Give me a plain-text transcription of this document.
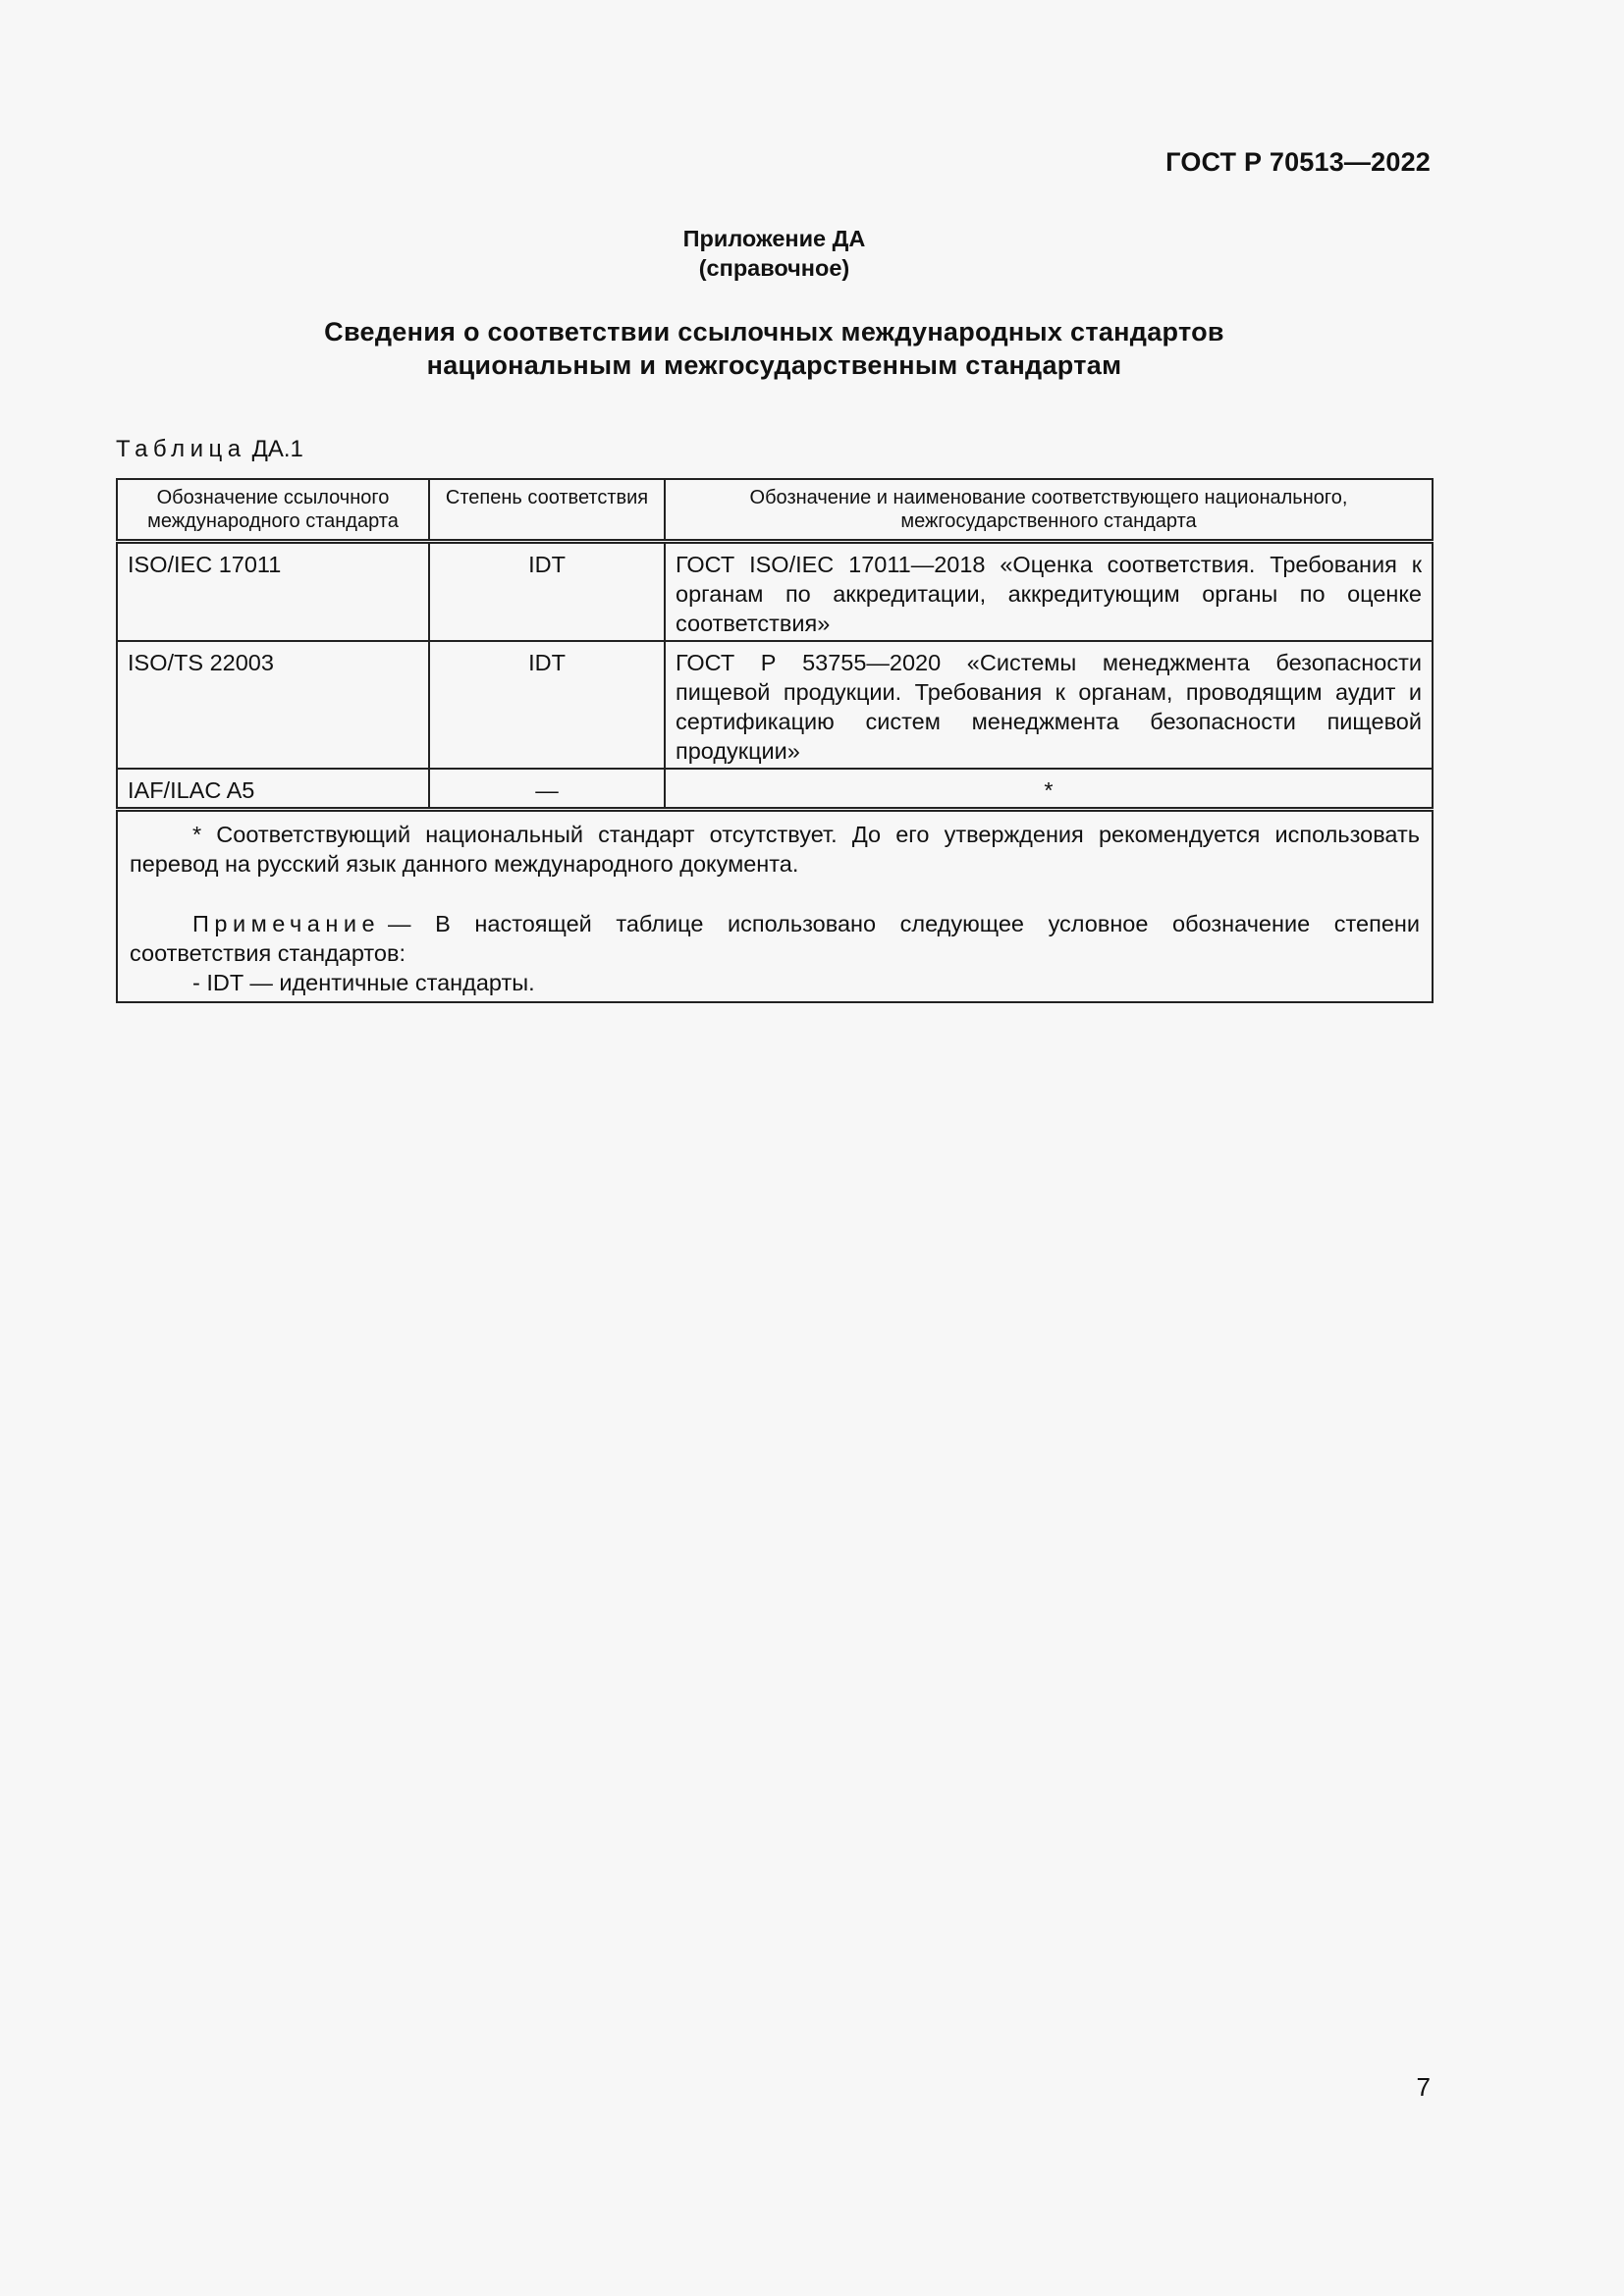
ГОСТ Р 70513—2022
Приложение ДА
(справочное)
Сведения о соответствии ссылочных международных стандартов
национальным и межгосударственным стандартам
Таблица ДА.1
Обозначение ссылочного международного стандарта	Степень соответствия	Обозначение и наименование соответствующего национального, межгосударственного стандарта
ISO/IEC 17011	IDT	ГОСТ ISO/IEC 17011—2018 «Оценка соответствия. Требования к органам по аккредитации, аккредитующим органы по оценке соответствия»
ISO/TS 22003	IDT	ГОСТ Р 53755—2020 «Системы менеджмента безопасности пищевой продукции. Требования к органам, проводящим аудит и сертификацию систем менеджмента безопасности пищевой продукции»
IAF/ILAC A5	—	*

* Соответствующий национальный стандарт отсутствует. До его утверждения рекомендуется использовать перевод на русский язык данного международного документа.

Примечание — В настоящей таблице использовано следующее условное обозначение степени соответствия стандартов:

- IDT — идентичные стандарты.		

7
